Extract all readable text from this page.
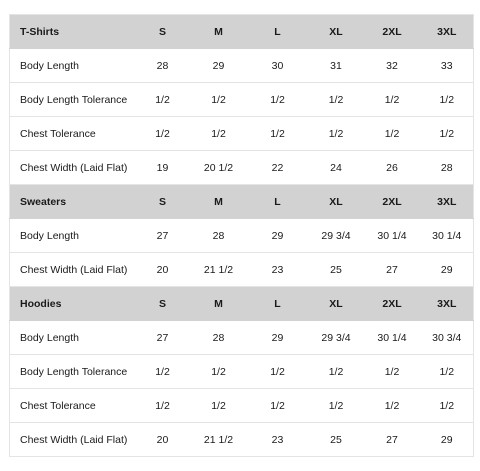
T-Shirts	S	M	L	XL	2XL	3XL
Body Length	28	29	30	31	32	33
Body Length Tolerance	1/2	1/2	1/2	1/2	1/2	1/2
Chest Tolerance	1/2	1/2	1/2	1/2	1/2	1/2
Chest Width (Laid Flat)	19	20 1/2	22	24	26	28
Sweaters	S	M	L	XL	2XL	3XL
Body Length	27	28	29	29 3/4	30 1/4	30 1/4
Chest Width (Laid Flat)	20	21 1/2	23	25	27	29
Hoodies	S	M	L	XL	2XL	3XL
Body Length	27	28	29	29 3/4	30 1/4	30 3/4
Body Length Tolerance	1/2	1/2	1/2	1/2	1/2	1/2
Chest Tolerance	1/2	1/2	1/2	1/2	1/2	1/2
Chest Width (Laid Flat)	20	21 1/2	23	25	27	29
